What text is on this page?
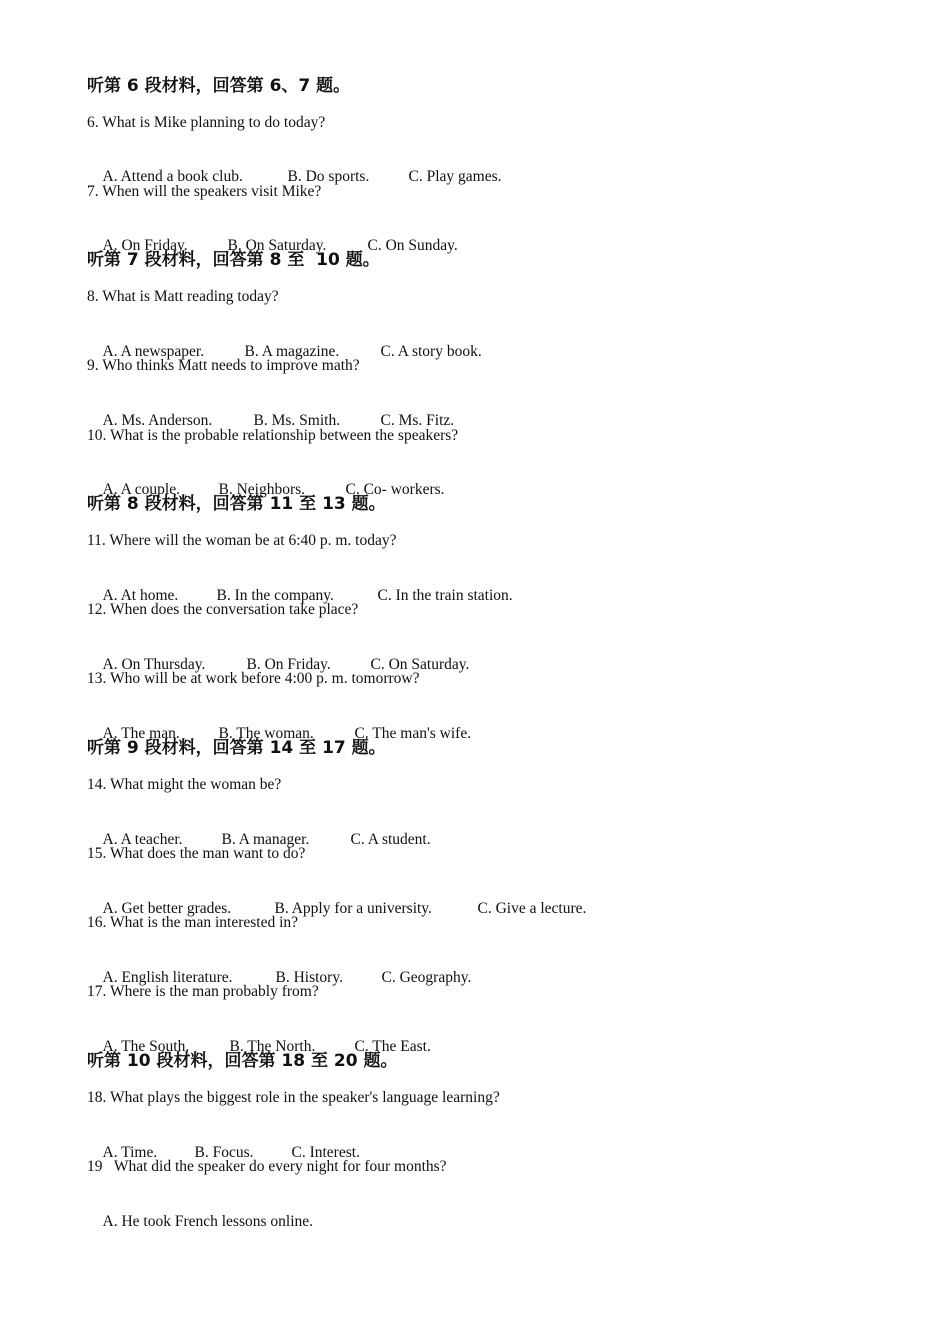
听第 6 段材料，回答第 6、7 题。
6. What is Mike planning to do today?

A. Attend a book club.	B. Do sports.	C. Play games.

7. When will the speakers visit Mike?

A. On Friday.	B. On Saturday.	C. On Sunday.

听第 7 段材料，回答第 8 至  10 题。
8. What is Matt reading today?

A. A newspaper.	B. A magazine.	C. A story book.

9. Who thinks Matt needs to improve math?

A. Ms. Anderson.	B. Ms. Smith.	C. Ms. Fitz.

10. What is the probable relationship between the speakers?

A. A couple. B. Neighbors.	C. Co- workers.

听第 8 段材料，回答第 11 至 13 题。
11. Where will the woman be at 6:40 p. m. today?

A. At home. B. In the company.	C. In the train station.

12. When does the conversation take place?

A. On Thursday.	B. On Friday.	C. On Saturday.

13. Who will be at work before 4:00 p. m. tomorrow?

A. The man.	B. The woman.	C. The man's wife.

听第 9 段材料，回答第 14 至 17 题。
14. What might the woman be?

A. A teacher.	B. A manager.	C. A student.

15. What does the man want to do?

A. Get better grades.	B. Apply for a university.	C. Give a lecture.

16. What is the man interested in?

A. English literature.	B. History. C. Geography.

17. Where is the man probably from?

A. The South.	B. The North.	C. The East.

听第 10 段材料，回答第 18 至 20 题。
18. What plays the biggest role in the speaker's language learning?

A. Time. B. Focus. C. Interest.

19   What did the speaker do every night for four months?

A. He took French lessons online.
